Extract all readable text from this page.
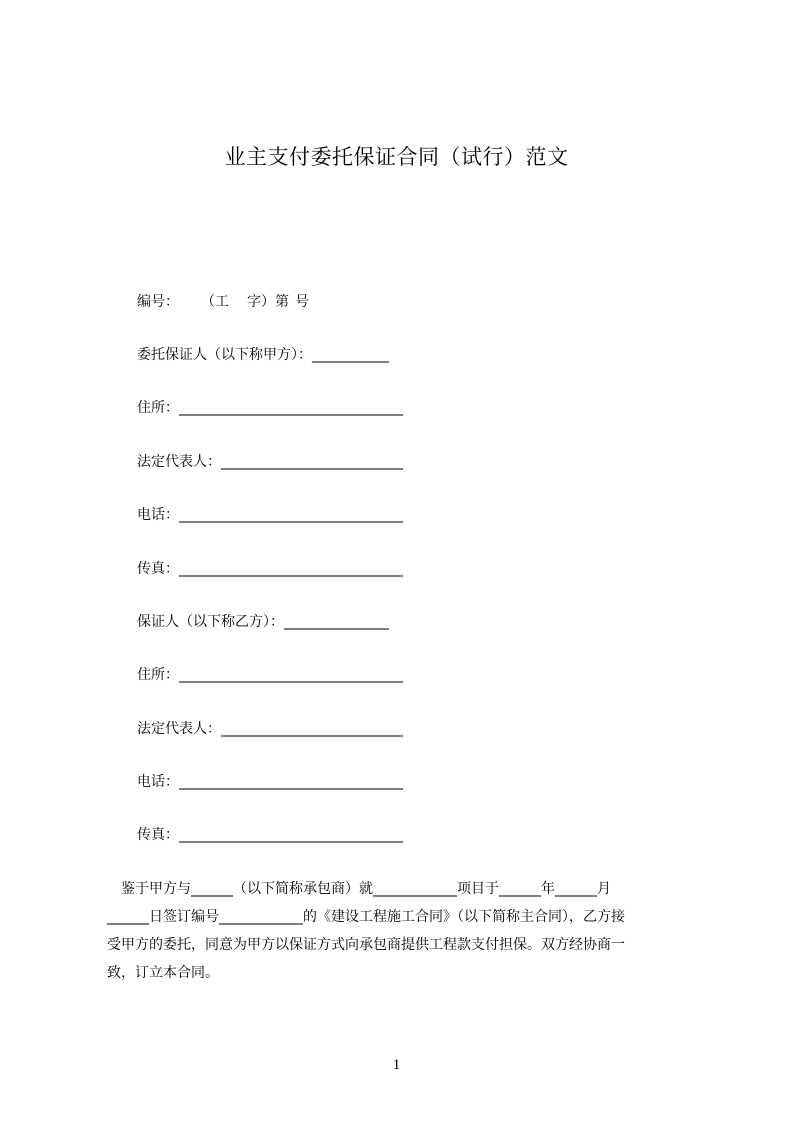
业主支付委托保证合同（试行）范文
编号： （工 字）第 号
委托保证人（以下称甲方）：___________
住所：________________________________
法定代表人：__________________________
电话：________________________________
传真：________________________________
保证人（以下称乙方）：_______________
住所：________________________________
法定代表人：__________________________
电话：________________________________
传真：________________________________

　鉴于甲方与______（以下简称承包商）就____________项目于______年______月
______日签订编号____________的《建设工程施工合同》（以下简称主合同），乙方接
受甲方的委托，同意为甲方以保证方式向承包商提供工程款支付担保。双方经协商一
致，订立本合同。

1
